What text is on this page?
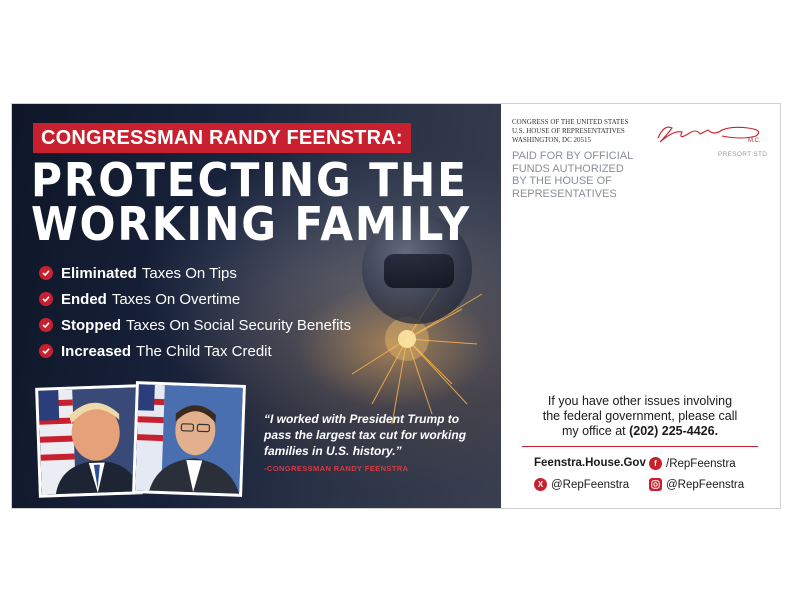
CONGRESSMAN RANDY FEENSTRA:
PROTECTING THE
WORKING FAMILY
Eliminated Taxes On Tips
Ended Taxes On Overtime
Stopped Taxes On Social Security Benefits
Increased The Child Tax Credit
“I worked with President Trump to pass the largest tax cut for working families in U.S. history.”
-CONGRESSMAN RANDY FEENSTRA
CONGRESS OF THE UNITED STATES
U.S. HOUSE OF REPRESENTATIVES
WASHINGTON, DC 20515
PAID FOR BY OFFICIAL
FUNDS AUTHORIZED
BY THE HOUSE OF
REPRESENTATIVES
M.C.
PRESORT STD
If you have other issues involving
the federal government, please call
my office at (202) 225-4426.
Feenstra.House.Gov	f /RepFeenstra
X @RepFeenstra	@RepFeenstra
